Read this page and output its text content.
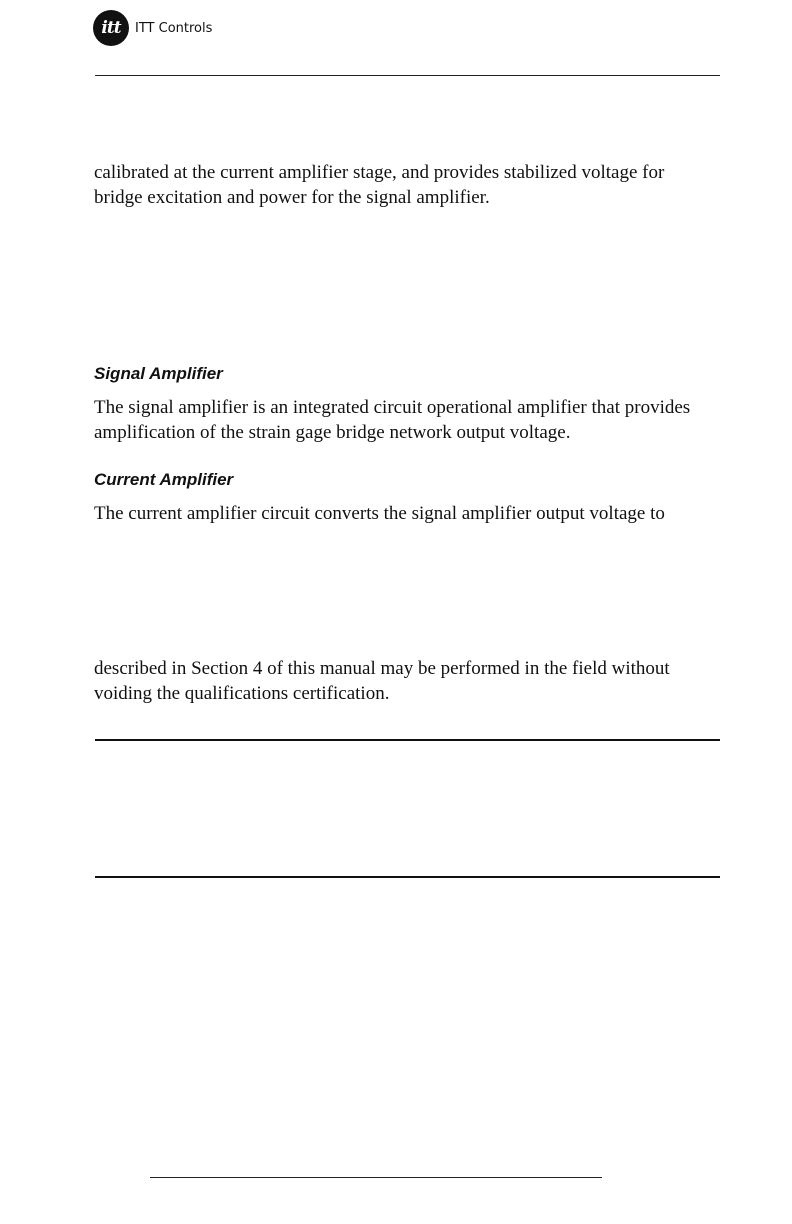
itt ITT Controls
calibrated at the current amplifier stage, and provides stabilized voltage for
bridge excitation and power for the signal amplifier.
Signal Amplifier
The signal amplifier is an integrated circuit operational amplifier that provides
amplification of the strain gage bridge network output voltage.
Current Amplifier
The current amplifier circuit converts the signal amplifier output voltage to
described in Section 4 of this manual may be performed in the field without
voiding the qualifications certification.
